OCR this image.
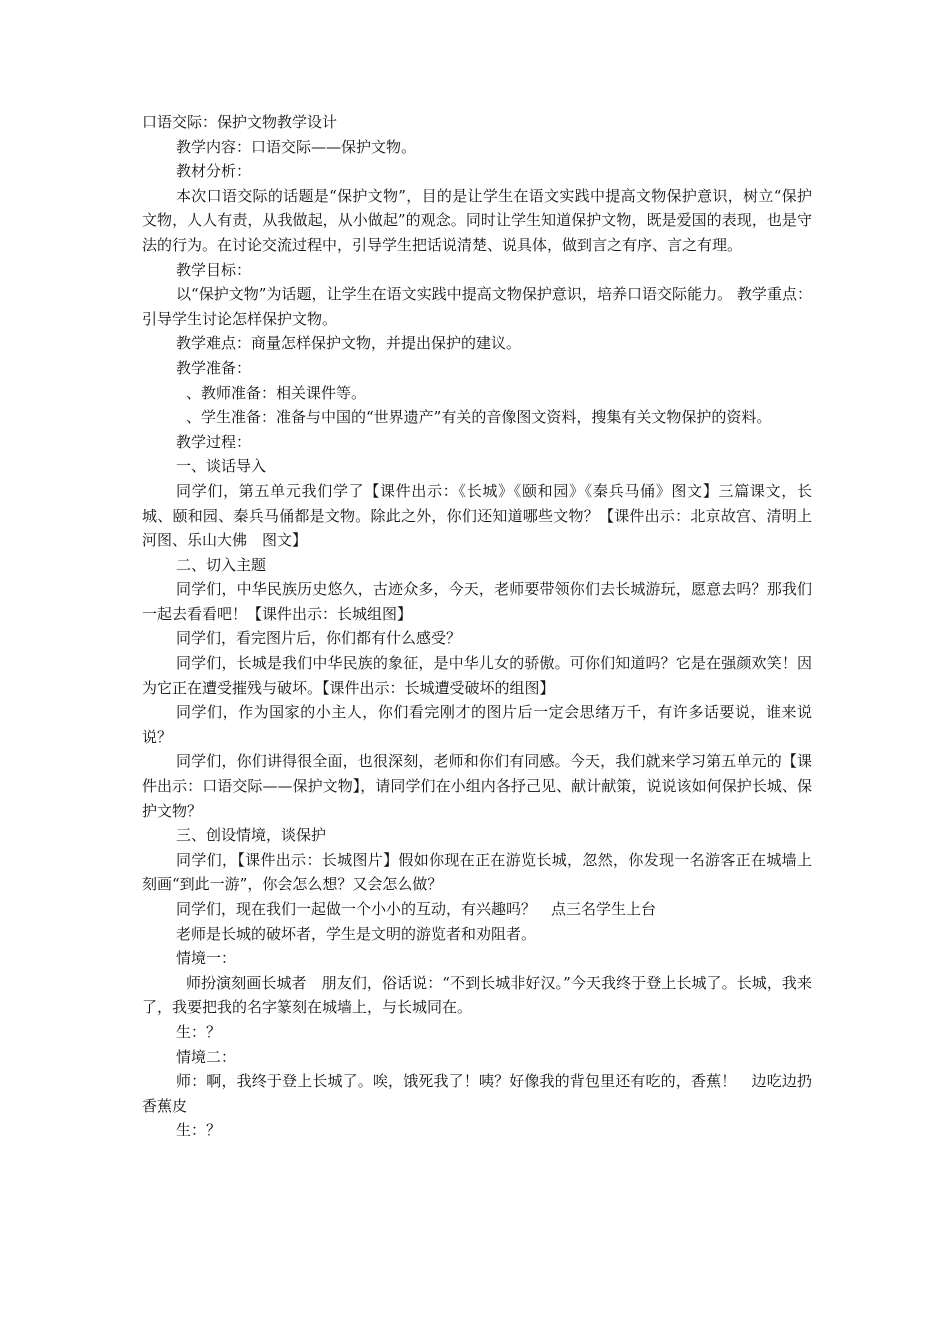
口语交际：保护文物教学设计

教学内容：口语交际——保护文物。

教材分析：

本次口语交际的话题是“保护文物”，目的是让学生在语文实践中提高文物保护意识，树立“保护文物，人人有责，从我做起，从小做起”的观念。同时让学生知道保护文物，既是爱国的表现，也是守法的行为。在讨论交流过程中，引导学生把话说清楚、说具体，做到言之有序、言之有理。

教学目标：

以“保护文物”为话题，让学生在语文实践中提高文物保护意识，培养口语交际能力。 教学重点：引导学生讨论怎样保护文物。

教学难点：商量怎样保护文物，并提出保护的建议。

教学准备：

、教师准备：相关课件等。

、学生准备：准备与中国的“世界遗产”有关的音像图文资料，搜集有关文物保护的资料。

教学过程：

一、谈话导入

同学们，第五单元我们学了【课件出示：《长城》《颐和园》《秦兵马俑》图文】三篇课文，长城、颐和园、秦兵马俑都是文物。除此之外，你们还知道哪些文物？【课件出示：北京故宫、清明上河图、乐山大佛　图文】

二、切入主题

同学们，中华民族历史悠久，古迹众多，今天，老师要带领你们去长城游玩，愿意去吗？那我们一起去看看吧！【课件出示：长城组图】

同学们，看完图片后，你们都有什么感受？

同学们，长城是我们中华民族的象征，是中华儿女的骄傲。可你们知道吗？它是在强颜欢笑！因为它正在遭受摧残与破坏。【课件出示：长城遭受破坏的组图】

同学们，作为国家的小主人，你们看完刚才的图片后一定会思绪万千，有许多话要说，谁来说说？

同学们，你们讲得很全面，也很深刻，老师和你们有同感。今天，我们就来学习第五单元的【课件出示：口语交际——保护文物】，请同学们在小组内各抒己见、献计献策，说说该如何保护长城、保护文物？

三、创设情境，谈保护

同学们，【课件出示：长城图片】假如你现在正在游览长城，忽然，你发现一名游客正在城墙上刻画“到此一游”，你会怎么想？又会怎么做？

同学们，现在我们一起做一个小小的互动，有兴趣吗？　点三名学生上台

老师是长城的破坏者，学生是文明的游览者和劝阻者。

情境一：

师扮演刻画长城者　朋友们，俗话说：“不到长城非好汉。”今天我终于登上长城了。长城，我来了，我要把我的名字篆刻在城墙上，与长城同在。

生：？

情境二：

师：啊，我终于登上长城了。唉，饿死我了！咦？好像我的背包里还有吃的，香蕉！　边吃边扔香蕉皮

生：？
